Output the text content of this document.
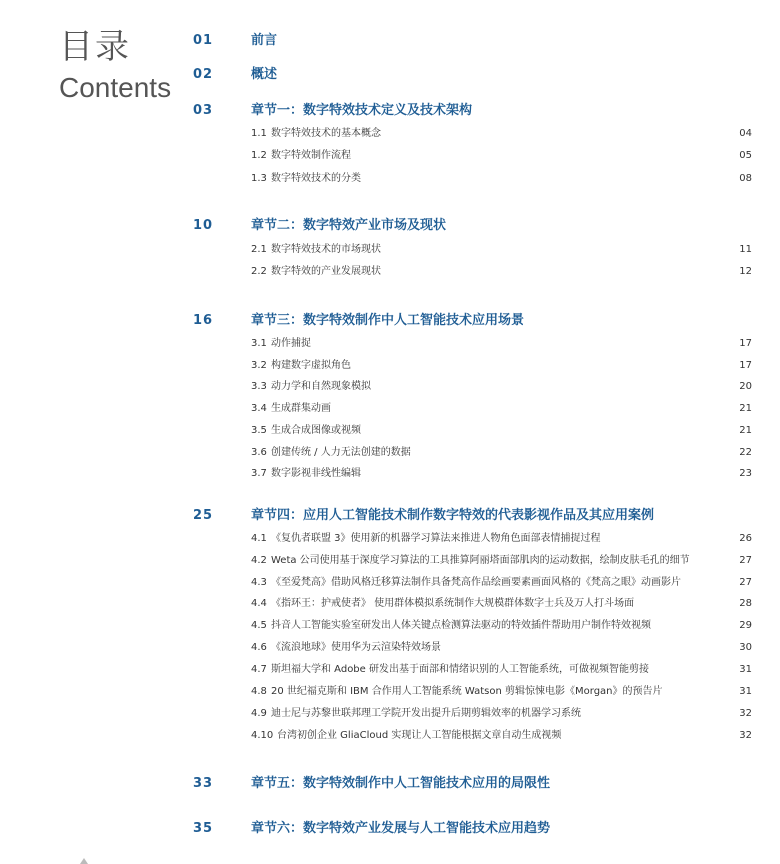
目录
Contents
01	前言
02	概述
03	章节一：数字特效技术定义及技术架构
1.1 数字特效技术的基本概念	04
1.2 数字特效制作流程	05
1.3 数字特效技术的分类	08
10	章节二：数字特效产业市场及现状
2.1 数字特效技术的市场现状	11
2.2 数字特效的产业发展现状	12
16	章节三：数字特效制作中人工智能技术应用场景
3.1 动作捕捉	17
3.2 构建数字虚拟角色	17
3.3 动力学和自然现象模拟	20
3.4 生成群集动画	21
3.5 生成合成图像或视频	21
3.6 创建传统 / 人力无法创建的数据	22
3.7 数字影视非线性编辑	23
25	章节四：应用人工智能技术制作数字特效的代表影视作品及其应用案例
4.1 《复仇者联盟 3》使用新的机器学习算法来推进人物角色面部表情捕捉过程	26
4.2 Weta 公司使用基于深度学习算法的工具推算阿丽塔面部肌肉的运动数据，绘制皮肤毛孔的细节	27
4.3 《至爱梵高》借助风格迁移算法制作具备梵高作品绘画要素画面风格的《梵高之眼》动画影片	27
4.4 《指环王：护戒使者》 使用群体模拟系统制作大规模群体数字士兵及万人打斗场面	28
4.5 抖音人工智能实验室研发出人体关键点检测算法驱动的特效插件帮助用户制作特效视频	29
4.6 《流浪地球》使用华为云渲染特效场景	30
4.7 斯坦福大学和 Adobe 研发出基于面部和情绪识别的人工智能系统，可做视频智能剪接	31
4.8 20 世纪福克斯和 IBM 合作用人工智能系统 Watson 剪辑惊悚电影《Morgan》的预告片	31
4.9 迪士尼与苏黎世联邦理工学院开发出提升后期剪辑效率的机器学习系统	32
4.10 台湾初创企业 GliaCloud 实现让人工智能根据文章自动生成视频	32
33	章节五：数字特效制作中人工智能技术应用的局限性
35	章节六：数字特效产业发展与人工智能技术应用趋势
